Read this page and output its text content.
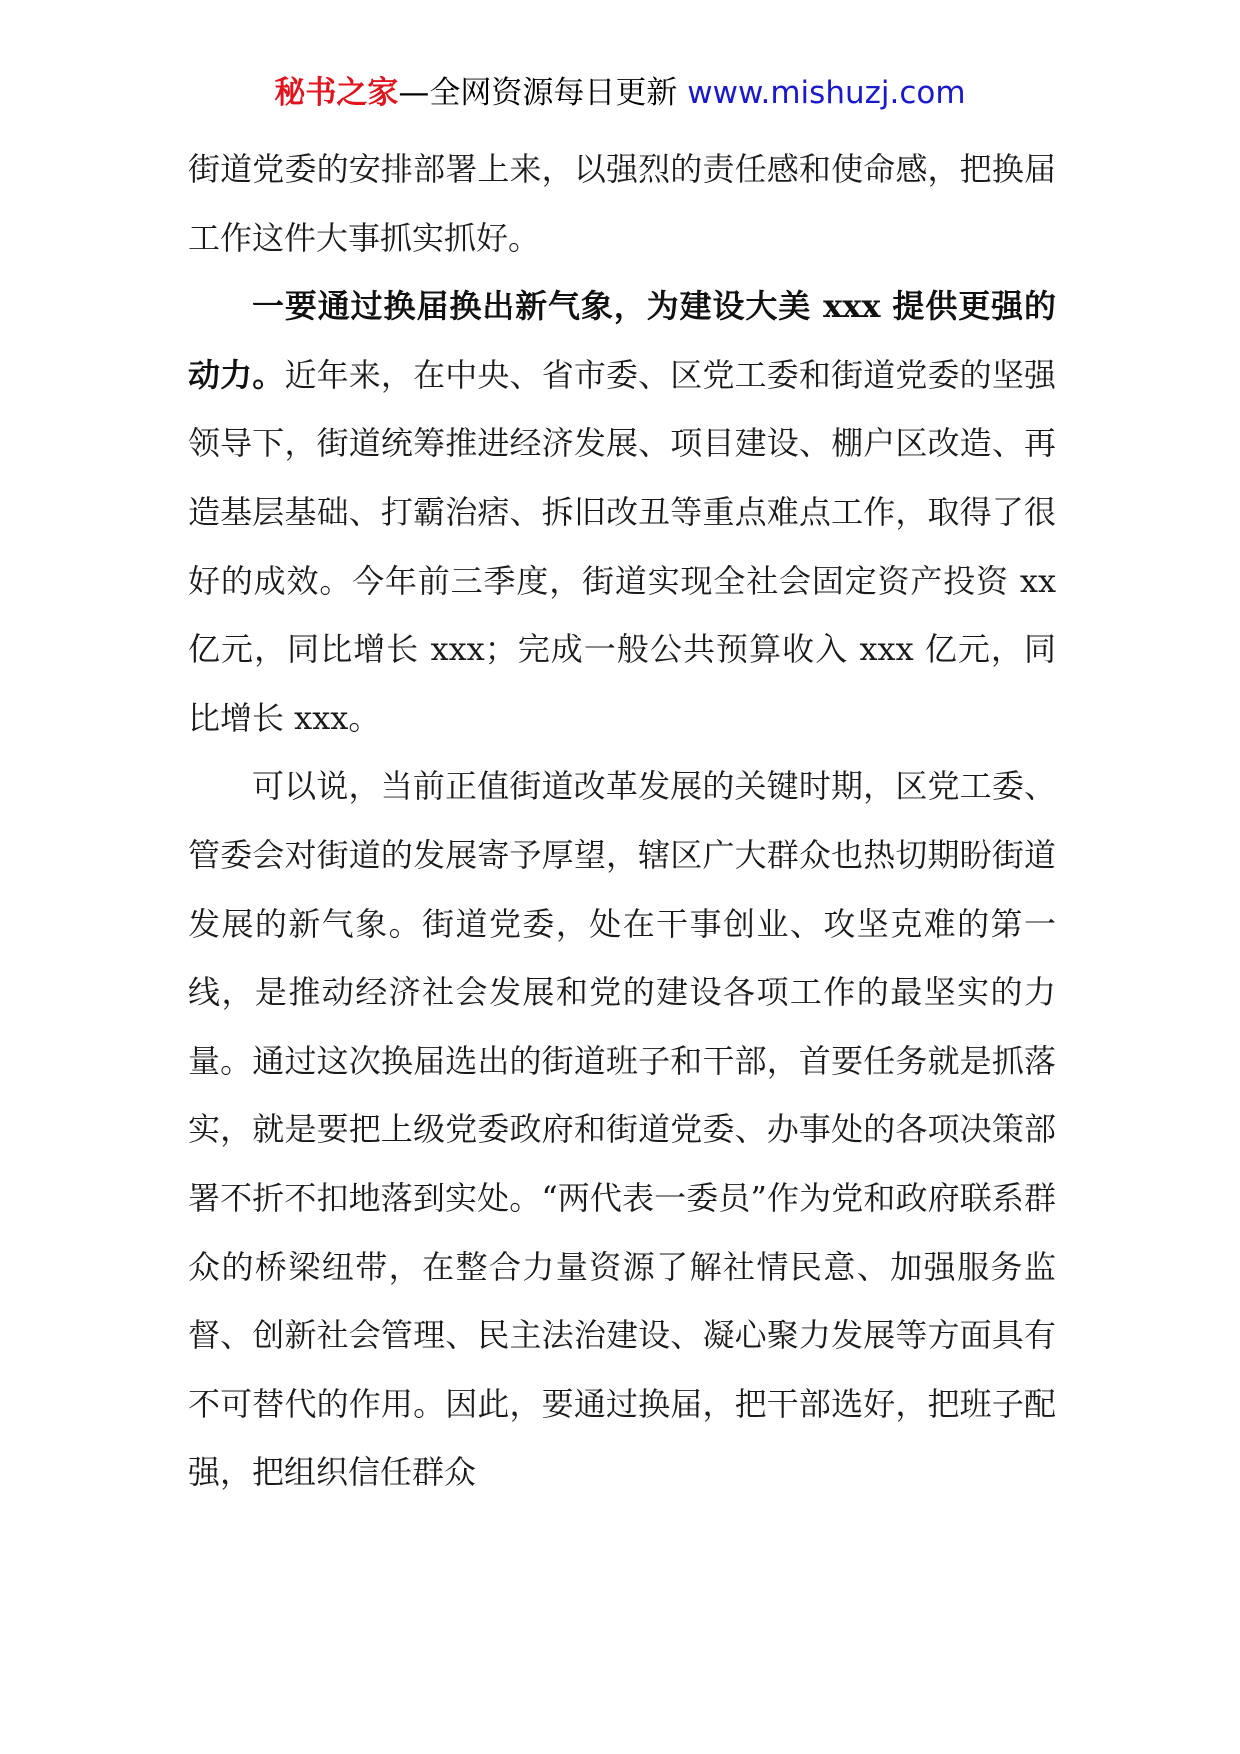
秘书之家—全网资源每日更新 www.mishuzj.com

街道党委的安排部署上来，以强烈的责任感和使命感，把换届工作这件大事抓实抓好。

一要通过换届换出新气象，为建设大美 xxx 提供更强的动力。近年来，在中央、省市委、区党工委和街道党委的坚强领导下，街道统筹推进经济发展、项目建设、棚户区改造、再造基层基础、打霸治痞、拆旧改丑等重点难点工作，取得了很好的成效。今年前三季度，街道实现全社会固定资产投资 xx 亿元，同比增长 xxx；完成一般公共预算收入 xxx 亿元，同比增长 xxx。

可以说，当前正值街道改革发展的关键时期，区党工委、管委会对街道的发展寄予厚望，辖区广大群众也热切期盼街道发展的新气象。街道党委，处在干事创业、攻坚克难的第一线，是推动经济社会发展和党的建设各项工作的最坚实的力量。通过这次换届选出的街道班子和干部，首要任务就是抓落实，就是要把上级党委政府和街道党委、办事处的各项决策部署不折不扣地落到实处。“两代表一委员”作为党和政府联系群众的桥梁纽带，在整合力量资源了解社情民意、加强服务监督、创新社会管理、民主法治建设、凝心聚力发展等方面具有不可替代的作用。因此，要通过换届，把干部选好，把班子配强，把组织信任群众
